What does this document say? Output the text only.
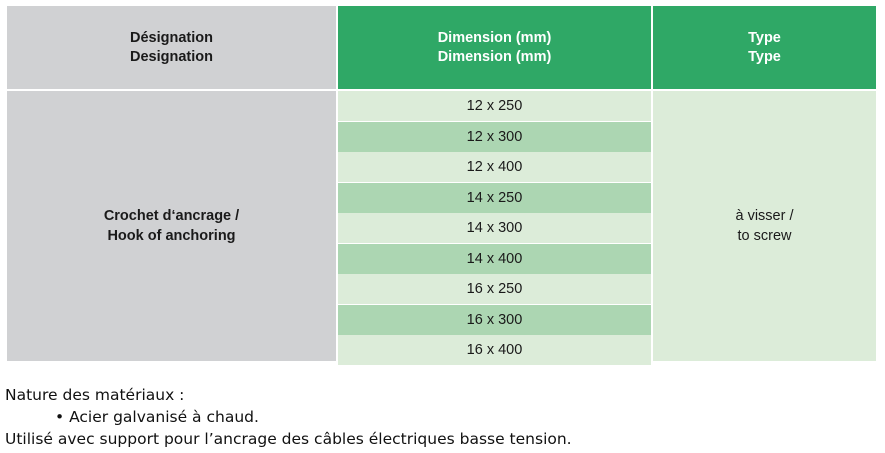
Désignation
Designation
Dimension (mm)
Dimension (mm)
Type
Type
Crochet d‘ancrage /
Hook of anchoring
12 x 250
12 x 300
12 x 400
14 x 250
14 x 300
14 x 400
16 x 250
16 x 300
16 x 400
à visser /
to screw
Nature des matériaux :
• Acier galvanisé à chaud.
Utilisé avec support pour l’ancrage des câbles électriques basse tension.
